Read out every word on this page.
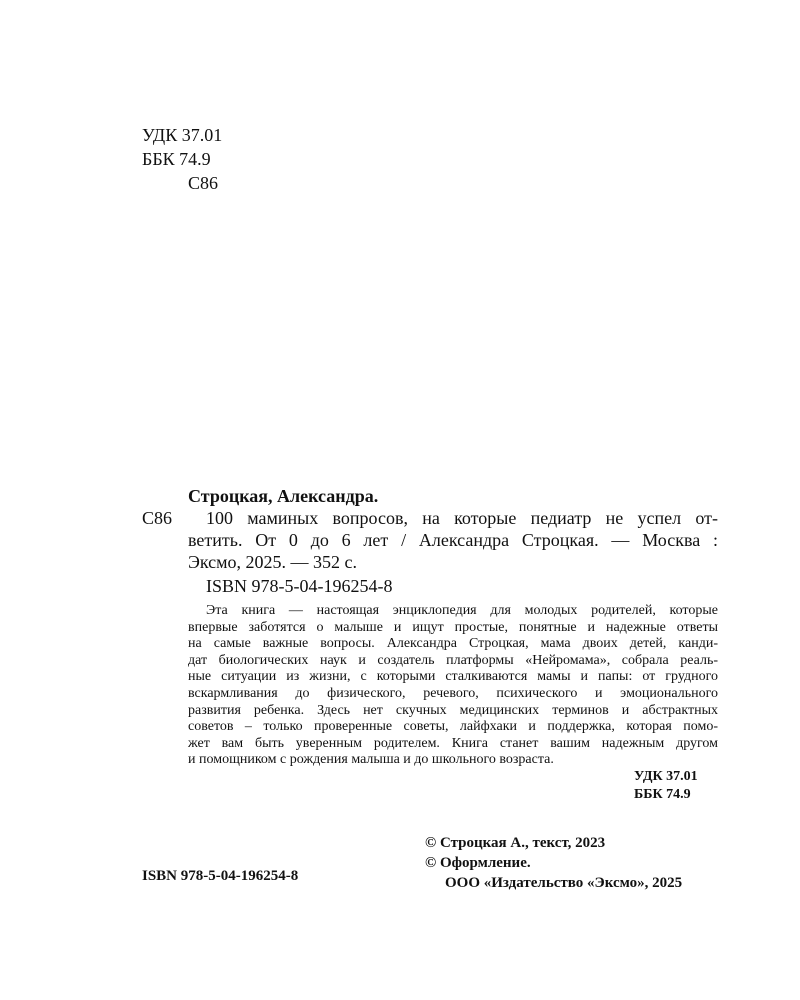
УДК 37.01
ББК 74.9
С86
Строцкая, Александра.
С86	100 маминых вопросов, на которые педиатр не успел от-
ветить. От 0 до 6 лет / Александра Строцкая. — Москва :
Эксмо, 2025. — 352 с.
ISBN 978-5-04-196254-8
Эта книга — настоящая энциклопедия для молодых родителей, которые
впервые заботятся о малыше и ищут простые, понятные и надежные ответы
на самые важные вопросы. Александра Строцкая, мама двоих детей, канди-
дат биологических наук и создатель платформы «Нейромама», собрала реаль-
ные ситуации из жизни, с которыми сталкиваются мамы и папы: от грудного
вскармливания до физического, речевого, психического и эмоционального
развития ребенка. Здесь нет скучных медицинских терминов и абстрактных
советов – только проверенные советы, лайфхаки и поддержка, которая помо-
жет вам быть уверенным родителем. Книга станет вашим надежным другом
и помощником с рождения малыша и до школьного возраста.
УДК 37.01
ББК 74.9
© Строцкая А., текст, 2023
© Оформление.
ООО «Издательство «Эксмо», 2025
ISBN 978-5-04-196254-8
